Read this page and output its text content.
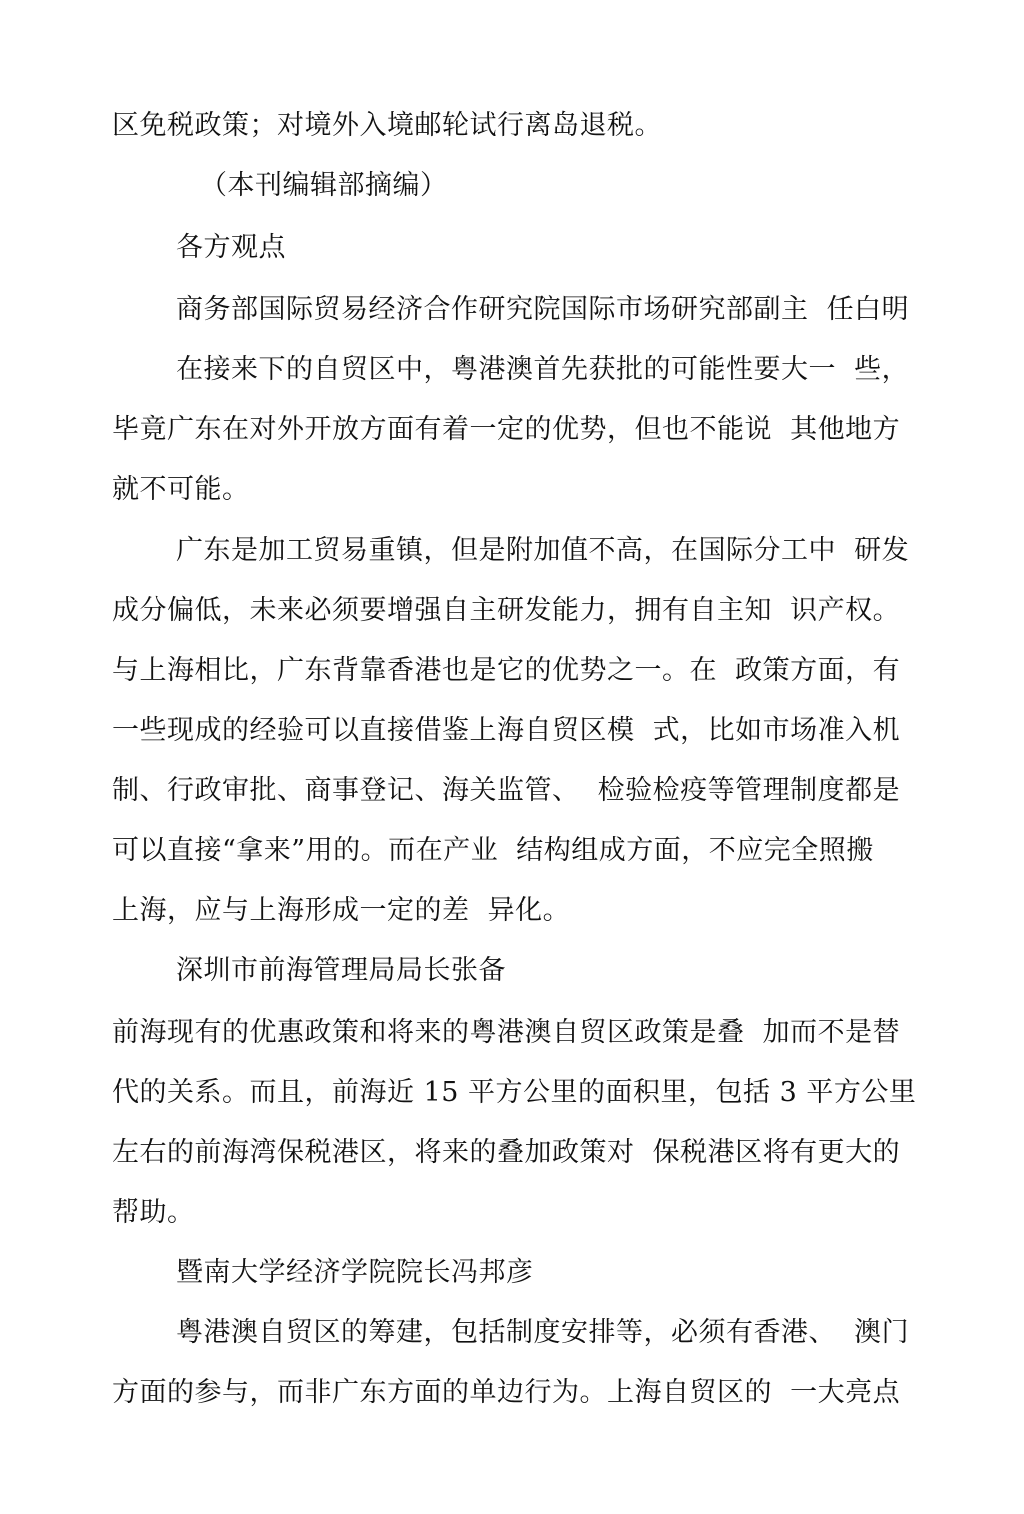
区免税政策；对境外入境邮轮试行离岛退税。
（本刊编辑部摘编）
各方观点
商务部国际贸易经济合作研究院国际市场研究部副主  任白明
在接来下的自贸区中，粤港澳首先获批的可能性要大一  些，
毕竟广东在对外开放方面有着一定的优势，但也不能说  其他地方
就不可能。
广东是加工贸易重镇，但是附加值不高，在国际分工中  研发
成分偏低，未来必须要增强自主研发能力，拥有自主知  识产权。
与上海相比，广东背靠香港也是它的优势之一。在  政策方面，有
一些现成的经验可以直接借鉴上海自贸区模  式，比如市场准入机
制、行政审批、商事登记、海关监管、  检验检疫等管理制度都是
可以直接“拿来”用的。而在产业  结构组成方面，不应完全照搬
上海，应与上海形成一定的差  异化。
深圳市前海管理局局长张备
前海现有的优惠政策和将来的粤港澳自贸区政策是叠  加而不是替
代的关系。而且，前海近 15 平方公里的面积里，包括 3 平方公里
左右的前海湾保税港区，将来的叠加政策对  保税港区将有更大的
帮助。
暨南大学经济学院院长冯邦彦
粤港澳自贸区的筹建，包括制度安排等，必须有香港、  澳门
方面的参与，而非广东方面的单边行为。上海自贸区的  一大亮点
